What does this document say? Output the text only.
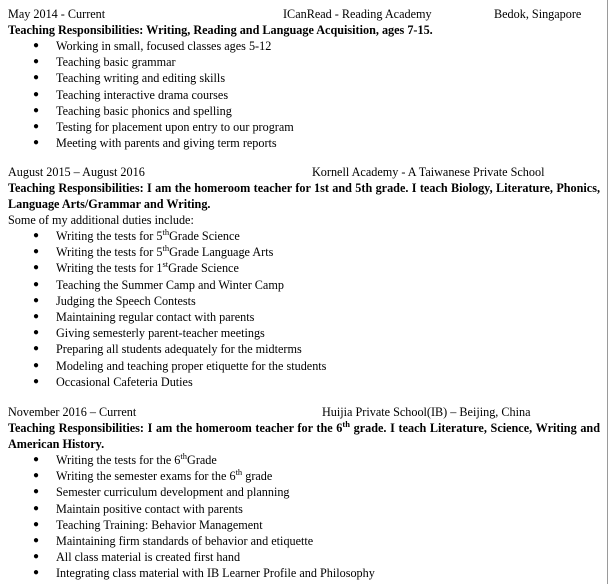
May 2014 - Current	ICanRead - Reading Academy	Bedok, Singapore
Teaching Responsibilities: Writing, Reading and Language Acquisition, ages 7-15.
● Working in small, focused classes ages 5-12
● Teaching basic grammar
● Teaching writing and editing skills
● Teaching interactive drama courses
● Teaching basic phonics and spelling
● Testing for placement upon entry to our program
● Meeting with parents and giving term reports
August 2015 – August 2016	Kornell Academy - A Taiwanese Private School
Teaching Responsibilities: I am the homeroom teacher for 1st and 5th grade. I teach Biology, Literature, Phonics, Language Arts/Grammar and Writing.
Some of my additional duties include:
● Writing the tests for 5thGrade Science
● Writing the tests for 5thGrade Language Arts
● Writing the tests for 1stGrade Science
● Teaching the Summer Camp and Winter Camp
● Judging the Speech Contests
● Maintaining regular contact with parents
● Giving semesterly parent-teacher meetings
● Preparing all students adequately for the midterms
● Modeling and teaching proper etiquette for the students
● Occasional Cafeteria Duties
November 2016 – Current	Huijia Private School(IB) – Beijing, China
Teaching Responsibilities: I am the homeroom teacher for the 6th grade. I teach Literature, Science, Writing and American History.
● Writing the tests for the 6thGrade
● Writing the semester exams for the 6th grade
● Semester curriculum development and planning
● Maintain positive contact with parents
● Teaching Training: Behavior Management
● Maintaining firm standards of behavior and etiquette
● All class material is created first hand
● Integrating class material with IB Learner Profile and Philosophy
